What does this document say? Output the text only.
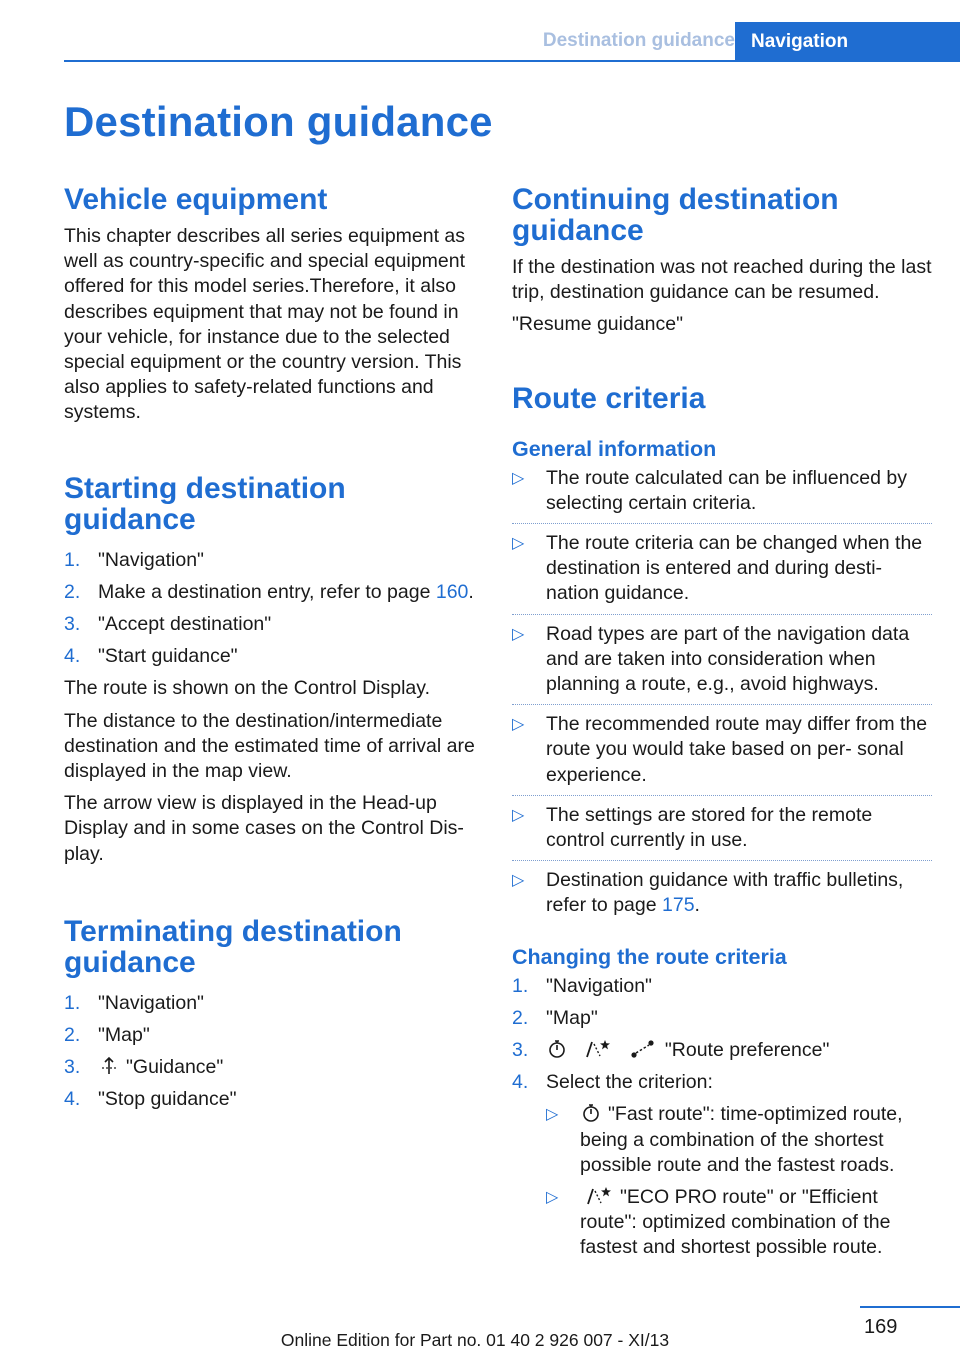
Destination guidance Navigation
Destination guidance
Vehicle equipment

This chapter describes all series equipment as well as country-specific and special equipment offered for this model series.Therefore, it also describes equipment that may not be found in your vehicle, for instance due to the selected special equipment or the country version. This also applies to safety-related functions and systems.

Starting destination guidance
1. "Navigation"
2. Make a destination entry, refer to page 160.
3. "Accept destination"
4. "Start guidance"

The route is shown on the Control Display.

The distance to the destination/intermediate destination and the estimated time of arrival are displayed in the map view.

The arrow view is displayed in the Head-up Display and in some cases on the Control Dis‐ play.

Terminating destination guidance
1. "Navigation"
2. "Map"
3. "Guidance"
4. "Stop guidance"
Continuing destination guidance

If the destination was not reached during the last trip, destination guidance can be resumed.

"Resume guidance"

Route criteria
General information
▷ The route calculated can be influenced by selecting certain criteria.
▷ The route criteria can be changed when the destination is entered and during desti‐ nation guidance.
▷ Road types are part of the navigation data and are taken into consideration when planning a route, e.g., avoid highways.
▷ The recommended route may differ from the route you would take based on per‐ sonal experience.
▷ The settings are stored for the remote control currently in use.
▷ Destination guidance with traffic bulletins, refer to page 175.
Changing the route criteria
1. "Navigation"
2. "Map"
3.	"Route preference"
4. Select the criterion:
▷	"Fast route": time-optimized route, being a combination of the shortest possible route and the fastest roads.
▷	"ECO PRO route" or "Efficient route": optimized combination of the fastest and shortest possible route.
169
Online Edition for Part no. 01 40 2 926 007 - XI/13
